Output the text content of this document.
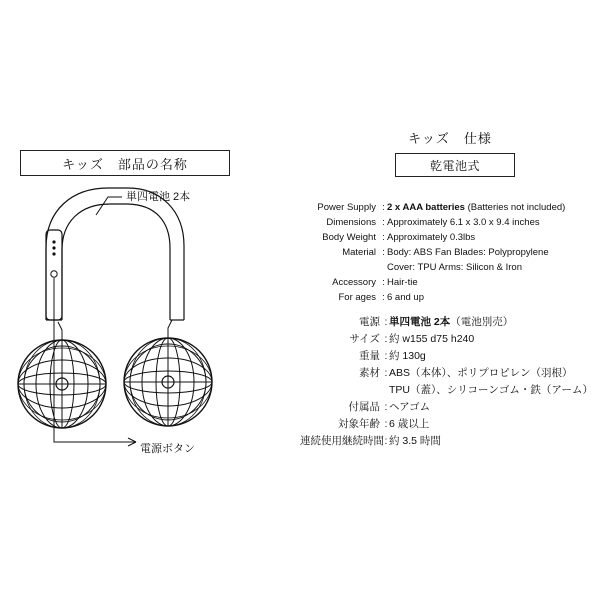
キッズ　部品の名称
単四電池 2本
電源ボタン
キッズ　仕様
乾電池式
Power Supply : 2 x AAA batteries (Batteries not included)
Dimensions : Approximately 6.1 x 3.0 x 9.4 inches
Body Weight : Approximately 0.3lbs
Material : Body: ABS Fan Blades: Polypropylene
Cover: TPU Arms: Silicon & Iron
Accessory : Hair-tie
For ages : 6 and up
電源 : 単四電池 2本（電池別売）
サイズ : 約 w155 d75 h240
重量 : 約 130g
素材 : ABS（本体）、ポリプロピレン（羽根）
TPU（蓋）、シリコーンゴム・鉄（アーム）
付属品 : ヘアゴム
対象年齢 : 6 歳以上
連続使用継続時間 : 約 3.5 時間
